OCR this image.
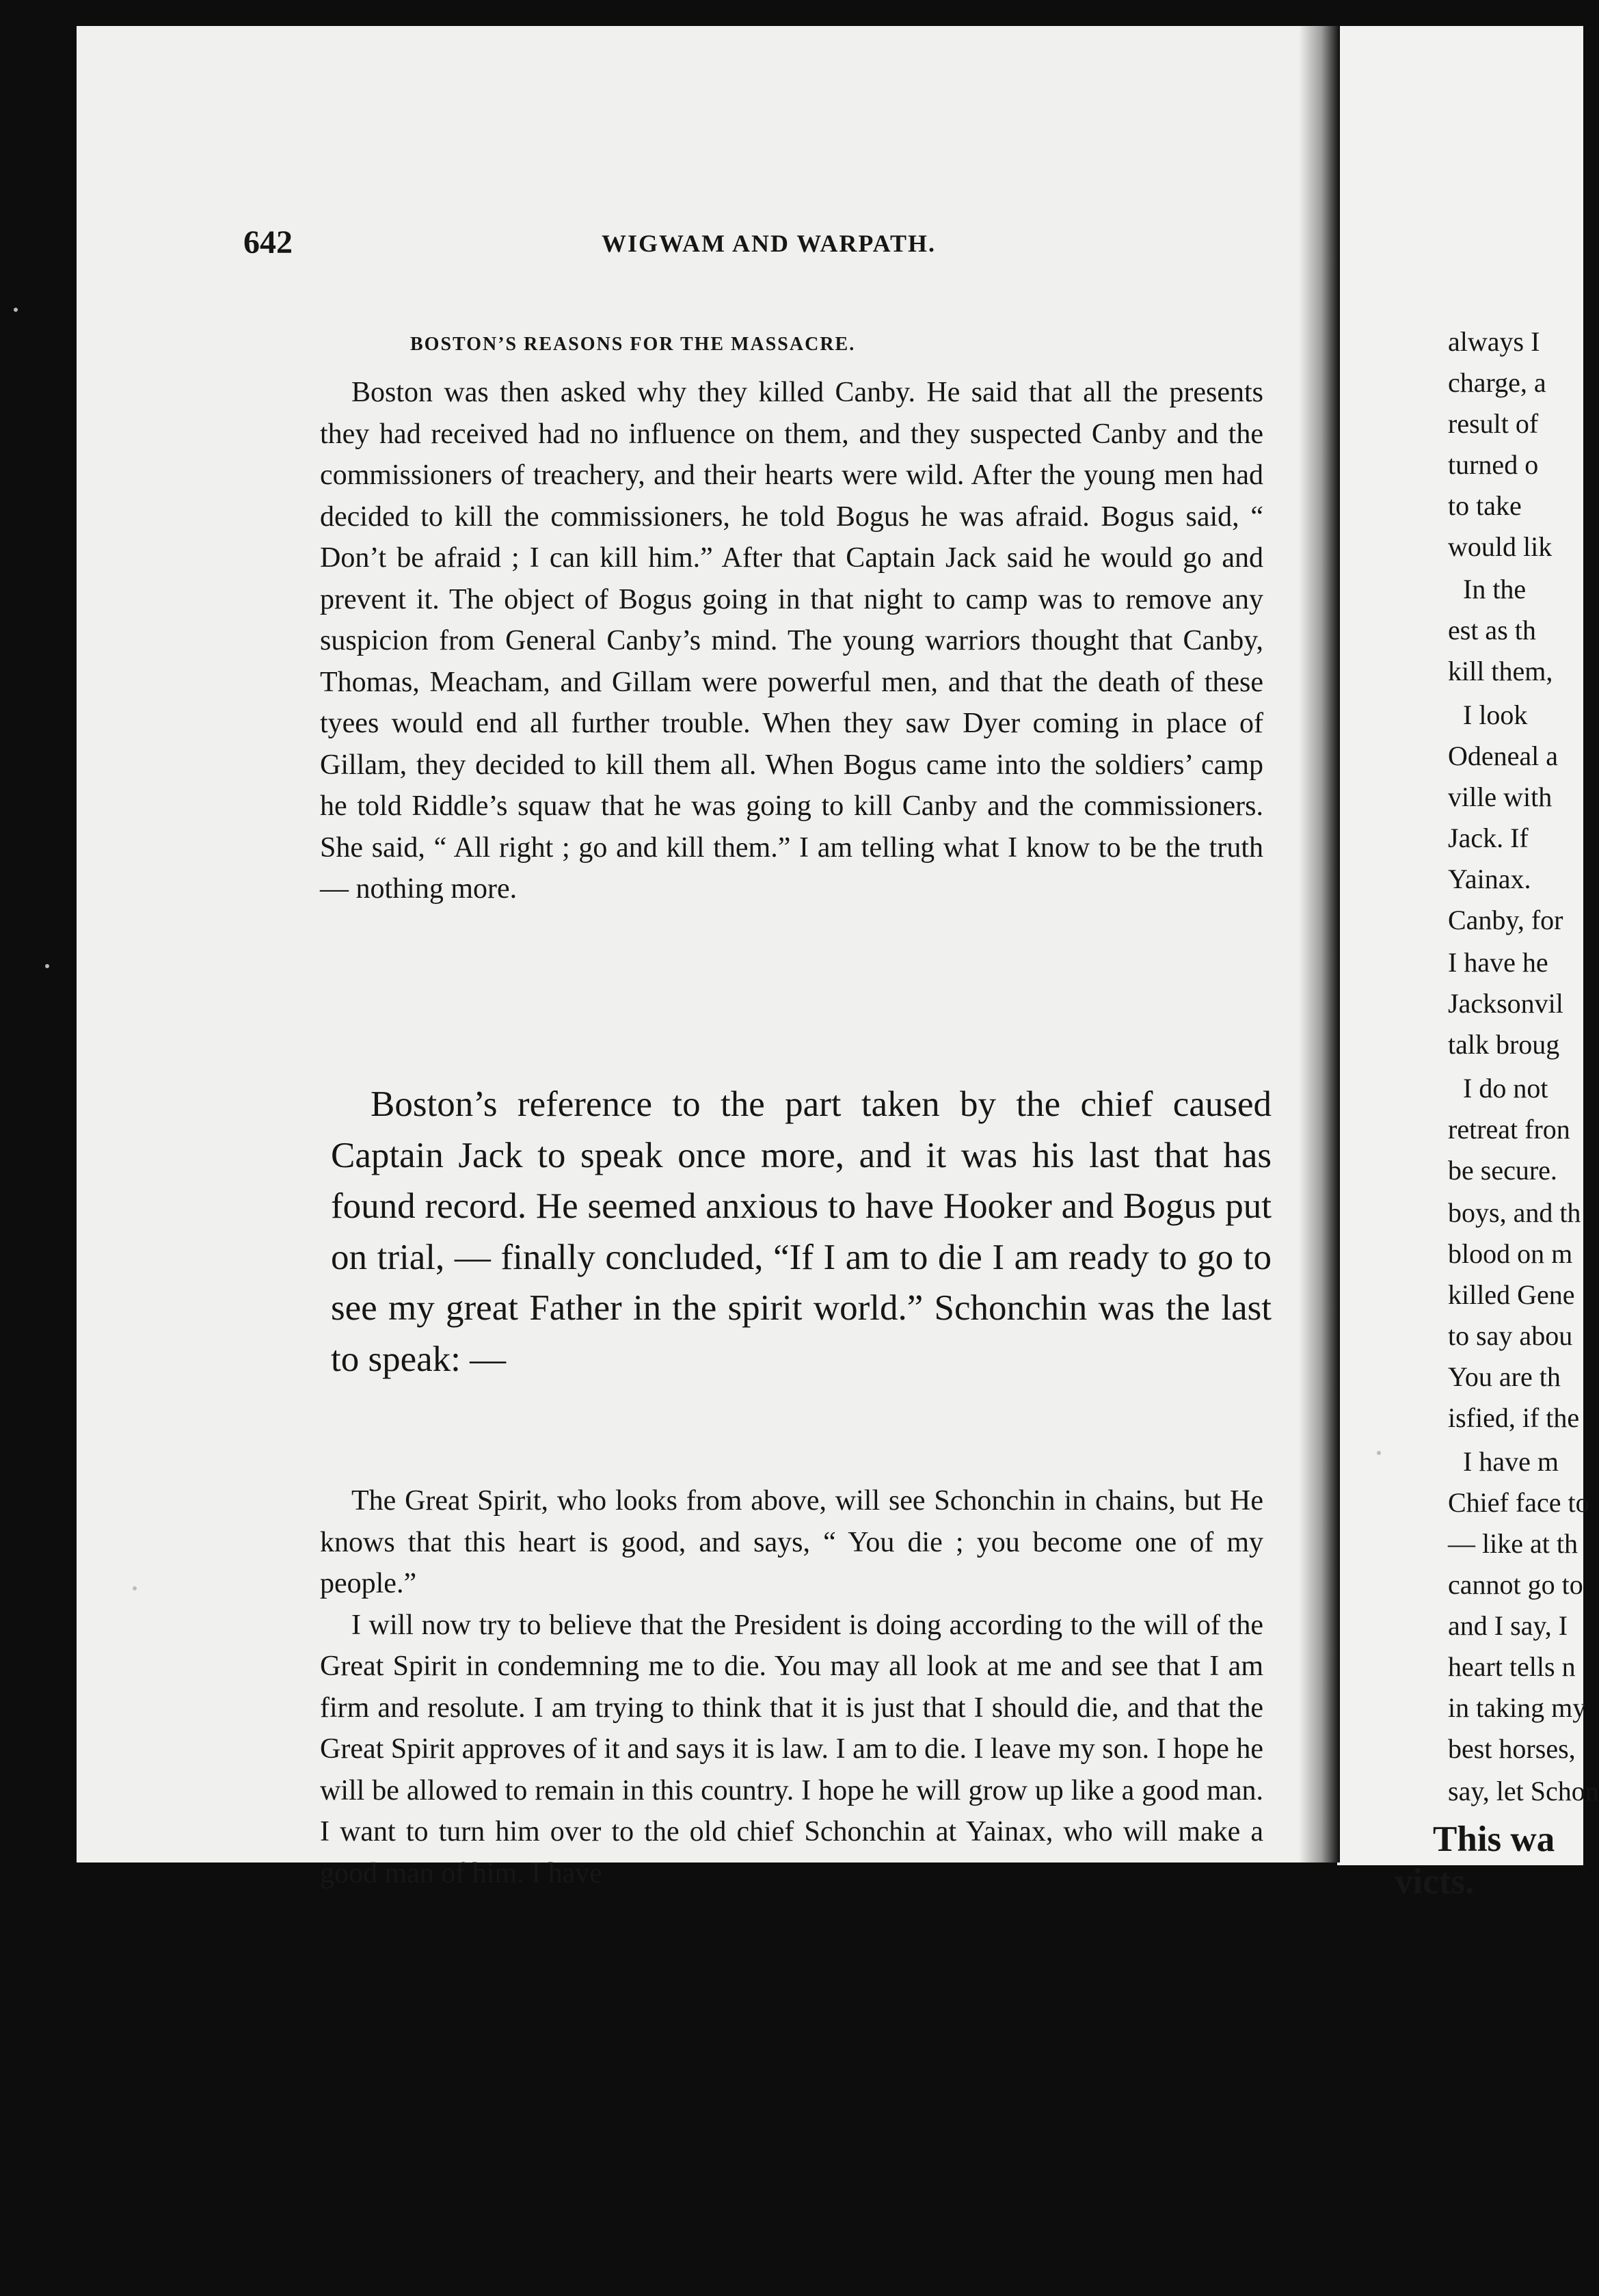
642	WIGWAM AND WARPATH.
BOSTON’S REASONS FOR THE MASSACRE.

Boston was then asked why they killed Canby. He said that all the presents they had received had no influence on them, and they suspected Canby and the commissioners of treachery, and their hearts were wild. After the young men had decided to kill the commissioners, he told Bogus he was afraid. Bogus said, “ Don’t be afraid ; I can kill him.” After that Captain Jack said he would go and prevent it. The object of Bogus going in that night to camp was to remove any suspicion from General Canby’s mind. The young warriors thought that Canby, Thomas, Meacham, and Gillam were powerful men, and that the death of these tyees would end all further trouble. When they saw Dyer coming in place of Gillam, they decided to kill them all. When Bogus came into the soldiers’ camp he told Riddle’s squaw that he was going to kill Canby and the commissioners. She said, “ All right ; go and kill them.” I am telling what I know to be the truth — nothing more.

Boston’s reference to the part taken by the chief caused Captain Jack to speak once more, and it was his last that has found record. He seemed anxious to have Hooker and Bogus put on trial, — finally concluded, “If I am to die I am ready to go to see my great Father in the spirit world.” Schonchin was the last to speak: —

The Great Spirit, who looks from above, will see Schonchin in chains, but He knows that this heart is good, and says, “ You die ; you become one of my people.”

I will now try to believe that the President is doing according to the will of the Great Spirit in condemning me to die. You may all look at me and see that I am firm and resolute. I am trying to think that it is just that I should die, and that the Great Spirit approves of it and says it is law. I am to die. I leave my son. I hope he will be allowed to remain in this country. I hope he will grow up like a good man. I want to turn him over to the old chief Schonchin at Yainax, who will make a good man of him. I have

always I
charge, a
result of
turned o
to take
would lik
In the
est as th
kill them,
I look
Odeneal a
ville with
Jack. If
Yainax.
Canby, for
I have he
Jacksonvil
talk broug
I do not
retreat fron
be secure.
boys, and th
blood on m
killed Gene
to say abou
You are th
isfied, if the
I have m
Chief face to
— like at th
cannot go to
and I say, I
heart tells n
in taking my
best horses,
say, let Schon
This wa
victs.
